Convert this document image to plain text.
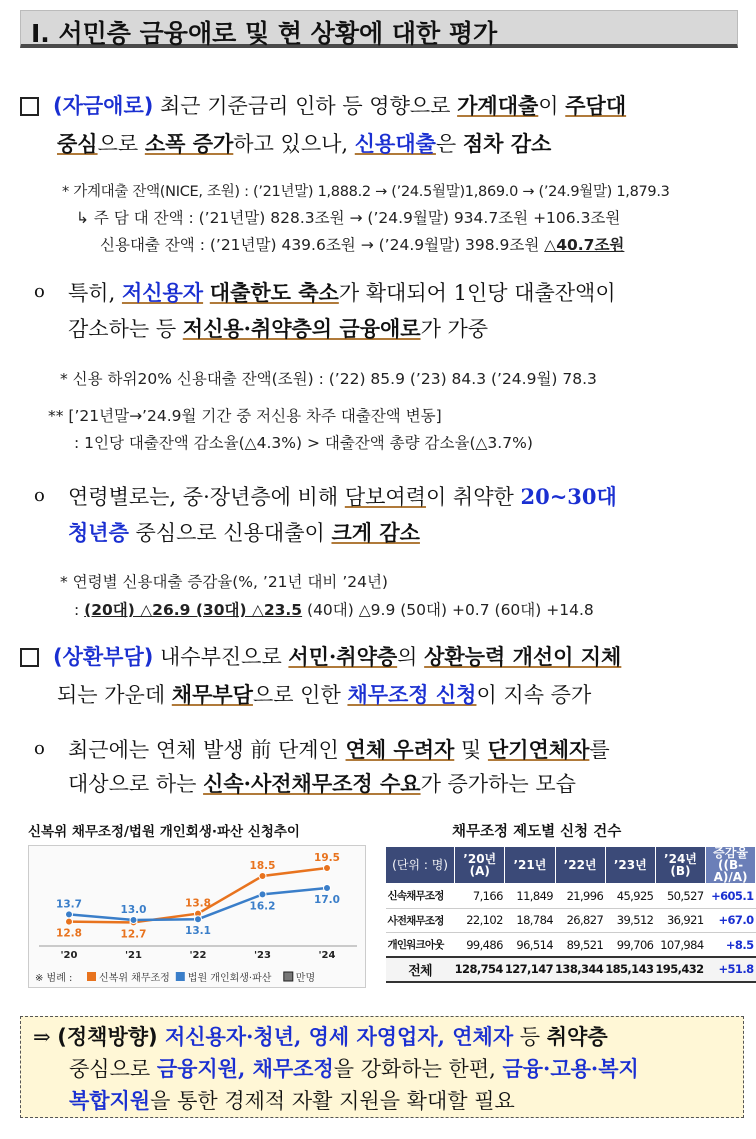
Ⅰ. 서민층 금융애로 및 현 상황에 대한 평가
(자금애로) 최근 기준금리 인하 등 영향으로 가계대출이 주담대
중심으로 소폭 증가하고 있으나, 신용대출은 점차 감소
* 가계대출 잔액(NICE, 조원) : (’21년말) 1,888.2 → (’24.5월말)1,869.0 → (’24.9월말) 1,879.3
↳ 주 담 대 잔액 : (’21년말) 828.3조원 → (’24.9월말) 934.7조원 +106.3조원
신용대출 잔액 : (’21년말) 439.6조원 → (’24.9월말) 398.9조원 △40.7조원
o 특히, 저신용자 대출한도 축소가 확대되어 1인당 대출잔액이
감소하는 등 저신용·취약층의 금융애로가 가중
* 신용 하위20% 신용대출 잔액(조원) : (’22) 85.9 (’23) 84.3 (’24.9월) 78.3
** [’21년말→’24.9월 기간 중 저신용 차주 대출잔액 변동]
: 1인당 대출잔액 감소율(△4.3%) > 대출잔액 총량 감소율(△3.7%)
o 연령별로는, 중·장년층에 비해 담보여력이 취약한 20~30대
청년층 중심으로 신용대출이 크게 감소
* 연령별 신용대출 증감율(%, ’21년 대비 ’24년)
: (20대) △26.9 (30대) △23.5 (40대) △9.9 (50대) +0.7 (60대) +14.8
(상환부담) 내수부진으로 서민·취약층의 상환능력 개선이 지체
되는 가운데 채무부담으로 인한 채무조정 신청이 지속 증가
o 최근에는 연체 발생 前 단계인 연체 우려자 및 단기연체자를
대상으로 하는 신속·사전채무조정 수요가 증가하는 모습
신복위 채무조정/법원 개인회생·파산 신청추이
'20	'21	'22	'23	'24
12.8	12.7
13.8
18.5
19.5
13.7	13.0
13.1
16.2
17.0
※ 범례 :	신복위 채무조정 법원 개인회생·파산 만명
채무조정 제도별 신청 건수
(단위 : 명)	’20년(A)	’21년	’22년	’23년	’24년(B)	증감율((B-A)/A)
신속채무조정	7,166	11,849	21,996	45,925	50,527	+605.1
사전채무조정	22,102	18,784	26,827	39,512	36,921	+67.0
개인워크아웃	99,486	96,514	89,521	99,706	107,984	+8.5
전체	128,754	127,147	138,344	185,143	195,432	+51.8
⇒ (정책방향) 저신용자·청년, 영세 자영업자, 연체자 등 취약층
중심으로 금융지원, 채무조정을 강화하는 한편, 금융·고용·복지
복합지원을 통한 경제적 자활 지원을 확대할 필요
